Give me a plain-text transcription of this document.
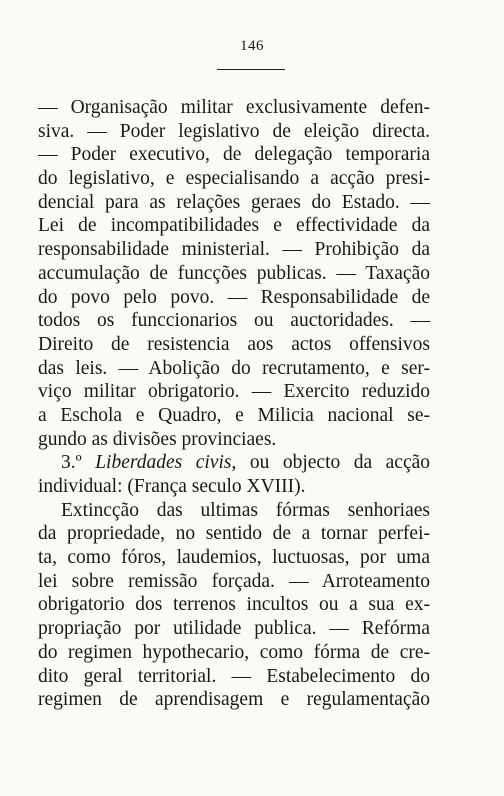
146
— Organisação militar exclusivamente defen-
siva. — Poder legislativo de eleição directa.
— Poder executivo, de delegação temporaria
do legislativo, e especialisando a acção presi-
dencial para as relações geraes do Estado. —
Lei de incompatibilidades e effectividade da
responsabilidade ministerial. — Prohibição da
accumulação de funcções publicas. — Taxação
do povo pelo povo. — Responsabilidade de
todos os funccionarios ou auctoridades. —
Direito de resistencia aos actos offensivos
das leis. — Abolição do recrutamento, e ser-
viço militar obrigatorio. — Exercito reduzido
a Eschola e Quadro, e Milicia nacional se-
gundo as divisões provinciaes.
3.º Liberdades civis, ou objecto da acção
individual: (França seculo XVIII).
Extincção das ultimas fórmas senhoriaes
da propriedade, no sentido de a tornar perfei-
ta, como fóros, laudemios, luctuosas, por uma
lei sobre remissão forçada. — Arroteamento
obrigatorio dos terrenos incultos ou a sua ex-
propriação por utilidade publica. — Refórma
do regimen hypothecario, como fórma de cre-
dito geral territorial. — Estabelecimento do
regimen de aprendisagem e regulamentação
